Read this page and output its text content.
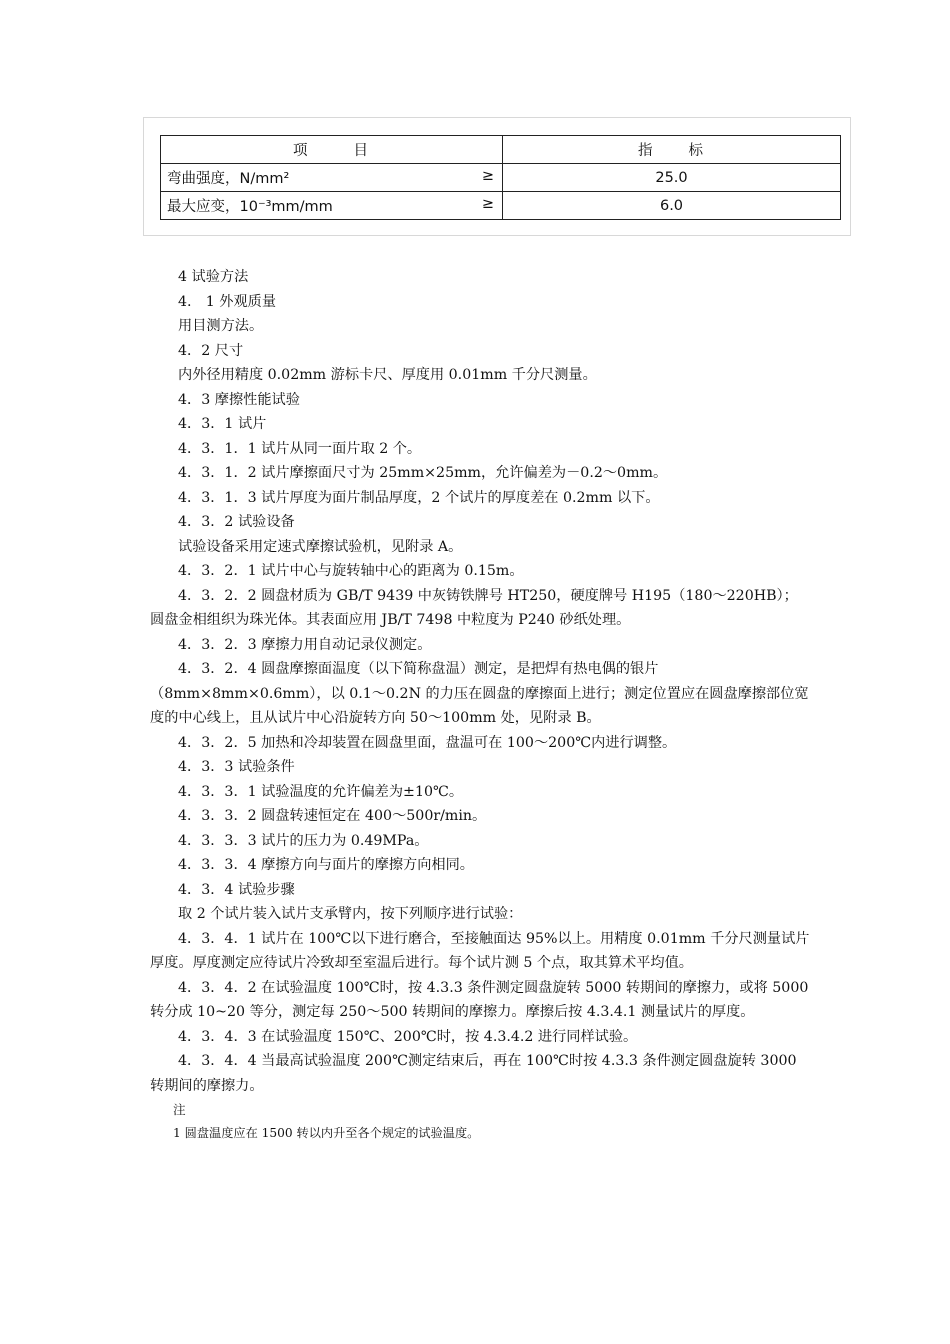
项 目	指 标
弯曲强度，N/mm² ≥	25.0
最大应变，10⁻³mm/mm ≥	6.0

4 试验方法

4.　1 外观质量

用目测方法。

4．2 尺寸

内外径用精度 0.02mm 游标卡尺、厚度用 0.01mm 千分尺测量。

4．3 摩擦性能试验

4．3．1 试片

4．3．1．1 试片从同一面片取 2 个。

4．3．1．2 试片摩擦面尺寸为 25mm×25mm，允许偏差为－0.2～0mm。

4．3．1．3 试片厚度为面片制品厚度，2 个试片的厚度差在 0.2mm 以下。

4．3．2 试验设备

试验设备采用定速式摩擦试验机，见附录 A。

4．3．2．1 试片中心与旋转轴中心的距离为 0.15m。

4．3．2．2 圆盘材质为 GB/T 9439 中灰铸铁牌号 HT250，硬度牌号 H195（180～220HB）；圆盘金相组织为珠光体。其表面应用 JB/T 7498 中粒度为 P240 砂纸处理。

4．3．2．3 摩擦力用自动记录仪测定。

4．3．2．4 圆盘摩擦面温度（以下简称盘温）测定，是把焊有热电偶的银片（8mm×8mm×0.6mm），以 0.1～0.2N 的力压在圆盘的摩擦面上进行；测定位置应在圆盘摩擦部位宽度的中心线上，且从试片中心沿旋转方向 50～100mm 处，见附录 B。

4．3．2．5 加热和冷却装置在圆盘里面，盘温可在 100～200℃内进行调整。

4．3．3 试验条件

4．3．3．1 试验温度的允许偏差为±10℃。

4．3．3．2 圆盘转速恒定在 400～500r/min。

4．3．3．3 试片的压力为 0.49MPa。

4．3．3．4 摩擦方向与面片的摩擦方向相同。

4．3．4 试验步骤

取 2 个试片装入试片支承臂内，按下列顺序进行试验：

4．3．4．1 试片在 100℃以下进行磨合，至接触面达 95%以上。用精度 0.01mm 千分尺测量试片厚度。厚度测定应待试片冷致却至室温后进行。每个试片测 5 个点，取其算术平均值。

4．3．4．2 在试验温度 100℃时，按 4.3.3 条件测定圆盘旋转 5000 转期间的摩擦力，或将 5000 转分成 10~20 等分，测定每 250～500 转期间的摩擦力。摩擦后按 4.3.4.1 测量试片的厚度。

4．3．4．3 在试验温度 150℃、200℃时，按 4.3.4.2 进行同样试验。

4．3．4．4 当最高试验温度 200℃测定结束后，再在 100℃时按 4.3.3 条件测定圆盘旋转 3000 转期间的摩擦力。

注

1 圆盘温度应在 1500 转以内升至各个规定的试验温度。
